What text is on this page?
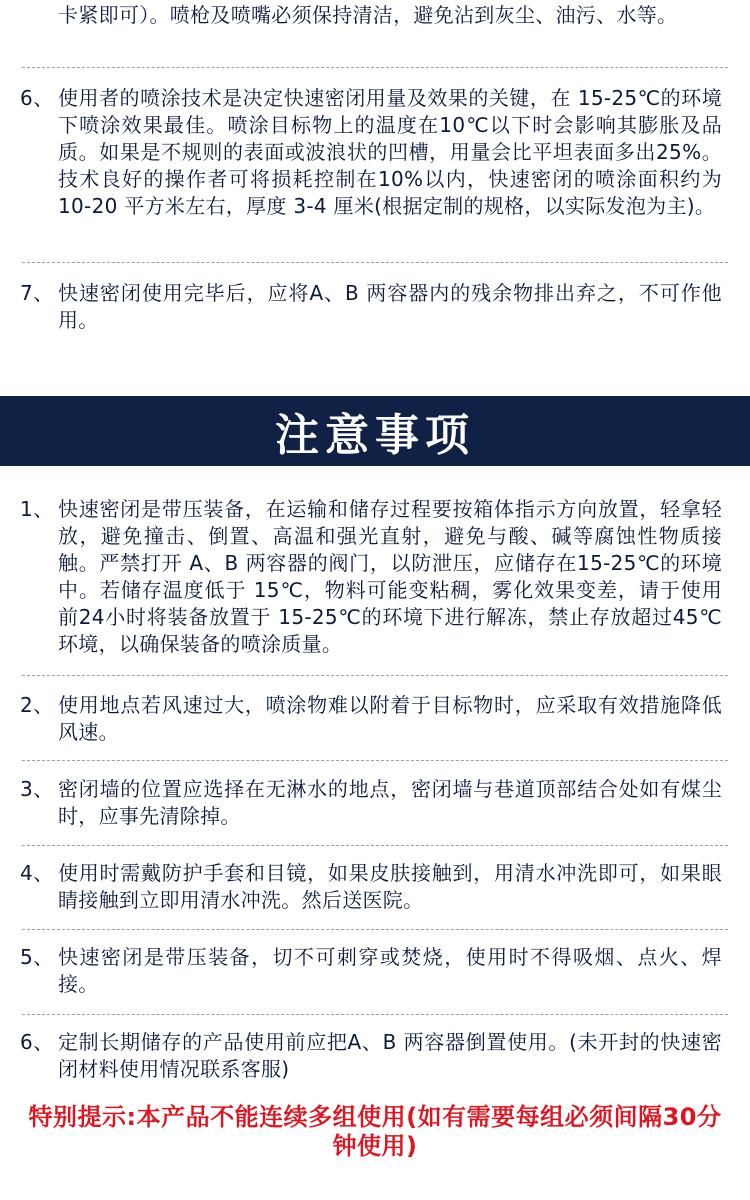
卡紧即可）。喷枪及喷嘴必须保持清洁，避免沾到灰尘、油污、水等。
6、 使用者的喷涂技术是决定快速密闭用量及效果的关键，在 15-25℃的环境下喷涂效果最佳。喷涂目标物上的温度在10℃以下时会影响其膨胀及品质。如果是不规则的表面或波浪状的凹槽，用量会比平坦表面多出25%。技术良好的操作者可将损耗控制在10%以内，快速密闭的喷涂面积约为 10-20 平方米左右，厚度 3-4 厘米(根据定制的规格，以实际发泡为主)。
7、 快速密闭使用完毕后，应将A、B 两容器内的残余物排出弃之，不可作他用。
注意事项
1、 快速密闭是带压装备，在运输和储存过程要按箱体指示方向放置，轻拿轻放，避免撞击、倒置、高温和强光直射，避免与酸、碱等腐蚀性物质接触。严禁打开 A、B 两容器的阀门，以防泄压，应储存在15-25℃的环境中。若储存温度低于 15℃，物料可能变粘稠，雾化效果变差，请于使用前24小时将装备放置于 15-25℃的环境下进行解冻，禁止存放超过45℃环境，以确保装备的喷涂质量。
2、 使用地点若风速过大，喷涂物难以附着于目标物时，应采取有效措施降低风速。
3、 密闭墙的位置应选择在无淋水的地点，密闭墙与巷道顶部结合处如有煤尘时，应事先清除掉。
4、 使用时需戴防护手套和目镜，如果皮肤接触到，用清水冲洗即可，如果眼睛接触到立即用清水冲洗。然后送医院。
5、 快速密闭是带压装备，切不可刺穿或焚烧，使用时不得吸烟、点火、焊接。
6、 定制长期储存的产品使用前应把A、B 两容器倒置使用。(未开封的快速密闭材料使用情况联系客服)
特别提示:本产品不能连续多组使用(如有需要每组必须间隔30分钟使用)
